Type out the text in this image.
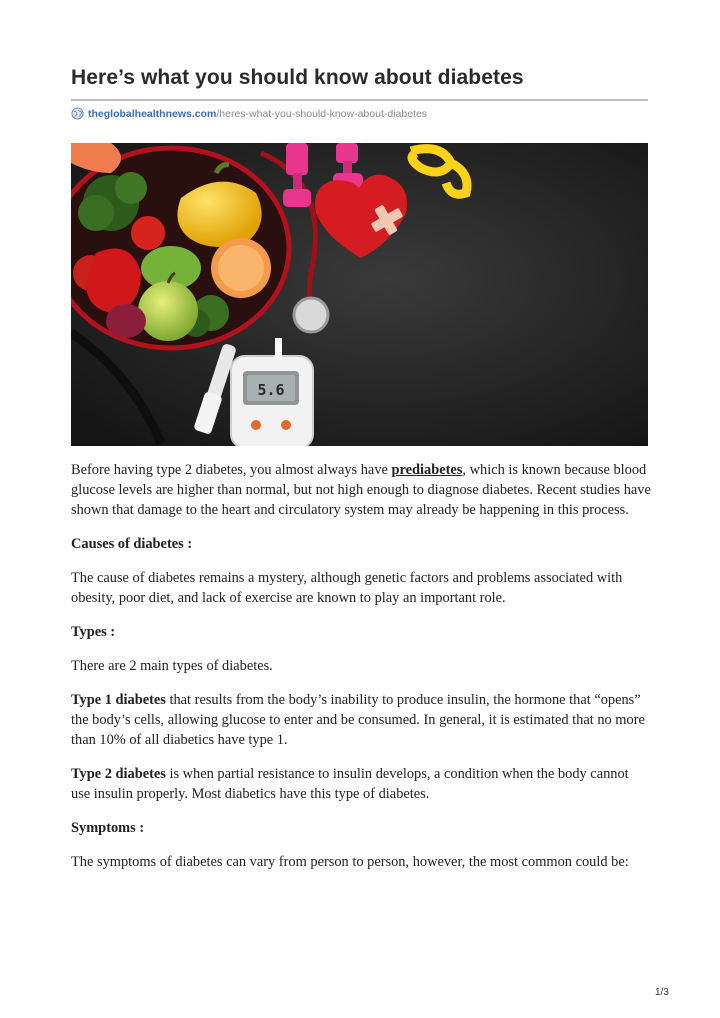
Here’s what you should know about diabetes
theglobalhealthnews.com /heres-what-you-should-know-about-diabetes
5.6

Before having type 2 diabetes, you almost always have prediabetes, which is known because blood glucose levels are higher than normal, but not high enough to diagnose diabetes. Recent studies have shown that damage to the heart and circulatory system may already be happening in this process.

Causes of diabetes :

The cause of diabetes remains a mystery, although genetic factors and problems associated with obesity, poor diet, and lack of exercise are known to play an important role.

Types :

There are 2 main types of diabetes.

Type 1 diabetes that results from the body’s inability to produce insulin, the hormone that “opens” the body’s cells, allowing glucose to enter and be consumed. In general, it is estimated that no more than 10% of all diabetics have type 1.

Type 2 diabetes is when partial resistance to insulin develops, a condition when the body cannot use insulin properly. Most diabetics have this type of diabetes.

Symptoms :

The symptoms of diabetes can vary from person to person, however, the most common could be:

1/3
